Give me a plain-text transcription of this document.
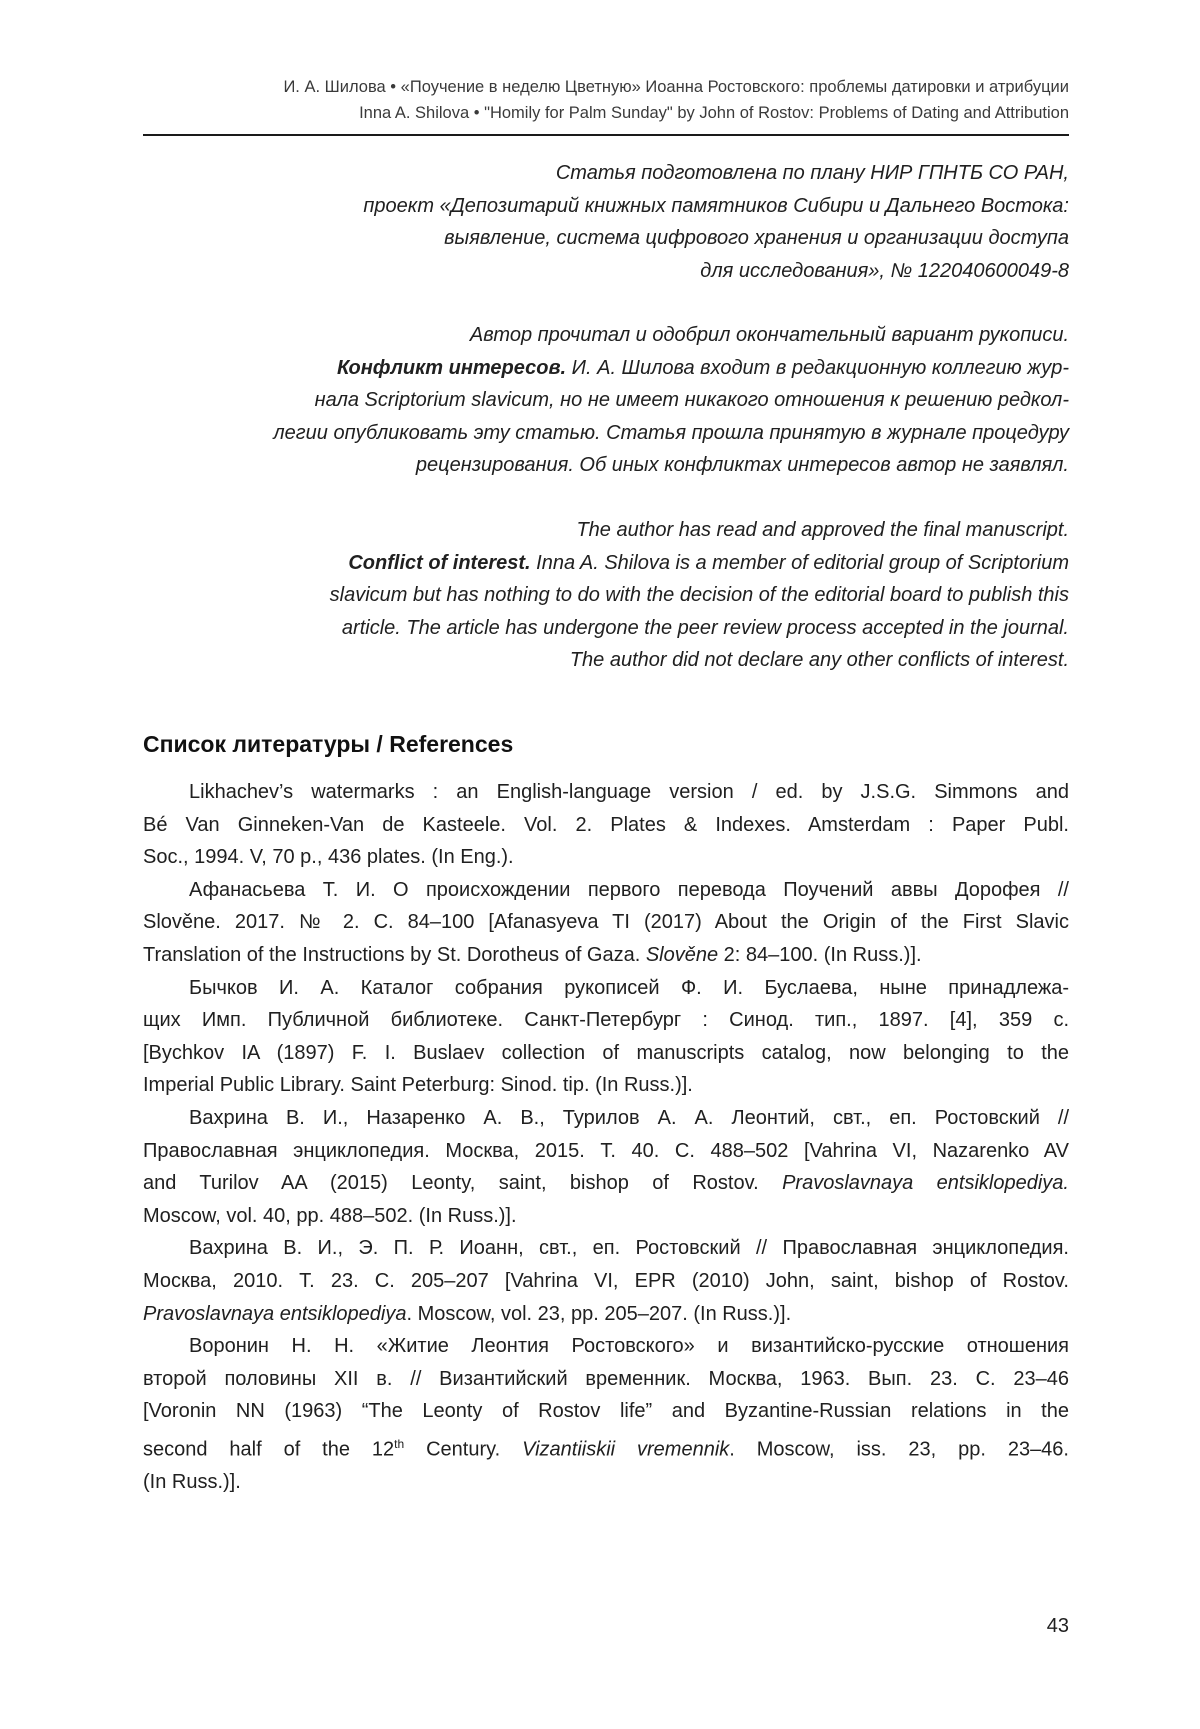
И. А. Шилова • «Поучение в неделю Цветную» Иоанна Ростовского: проблемы датировки и атрибуции
Inna A. Shilova • "Homily for Palm Sunday" by John of Rostov: Problems of Dating and Attribution
Статья подготовлена по плану НИР ГПНТБ СО РАН,
проект «Депозитарий книжных памятников Сибири и Дальнего Востока:
выявление, система цифрового хранения и организации доступа
для исследования», № 122040600049-8
Автор прочитал и одобрил окончательный вариант рукописи.
Конфликт интересов. И. А. Шилова входит в редакционную коллегию жур-
нала Scriptorium slavicum, но не имеет никакого отношения к решению редкол-
легии опубликовать эту статью. Статья прошла принятую в журнале процедуру
рецензирования. Об иных конфликтах интересов автор не заявлял.
The author has read and approved the final manuscript.
Conflict of interest. Inna A. Shilova is a member of editorial group of Scriptorium
slavicum but has nothing to do with the decision of the editorial board to publish this
article. The article has undergone the peer review process accepted in the journal.
The author did not declare any other conflicts of interest.
Список литературы / References
Likhachev’s watermarks : an English-language version / ed. by J.S.G. Simmons and
Bé Van Ginneken-Van de Kasteele. Vol. 2. Plates & Indexes. Amsterdam : Paper Publ.
Soc., 1994. V, 70 p., 436 plates. (In Eng.).
Афанасьева Т. И. О происхождении первого перевода Поучений аввы Дорофея //
Slověne. 2017. № 2. С. 84–100 [Afanasyeva TI (2017) About the Origin of the First Slavic
Translation of the Instructions by St. Dorotheus of Gaza. Slověne 2: 84–100. (In Russ.)].
Бычков И. А. Каталог собрания рукописей Ф. И. Буслаева, ныне принадлежа-
щих Имп. Публичной библиотеке. Санкт-Петербург : Синод. тип., 1897. [4], 359 с.
[Bychkov IA (1897) F. I. Buslaev collection of manuscripts catalog, now belonging to the
Imperial Public Library. Saint Peterburg: Sinod. tip. (In Russ.)].
Вахрина В. И., Назаренко А. В., Турилов А. А. Леонтий, свт., еп. Ростовский //
Православная энциклопедия. Москва, 2015. Т. 40. С. 488–502 [Vahrina VI, Nazarenko AV
and Turilov AA (2015) Leonty, saint, bishop of Rostov. Pravoslavnaya entsiklopediya.
Moscow, vol. 40, pp. 488–502. (In Russ.)].
Вахрина В. И., Э. П. Р. Иоанн, свт., еп. Ростовский // Православная энциклопедия.
Москва, 2010. Т. 23. С. 205–207 [Vahrina VI, EPR (2010) John, saint, bishop of Rostov.
Pravoslavnaya entsiklopediya. Moscow, vol. 23, pp. 205–207. (In Russ.)].
Воронин Н. Н. «Житие Леонтия Ростовского» и византийско-русские отношения
второй половины XII в. // Византийский временник. Москва, 1963. Вып. 23. С. 23–46
[Voronin NN (1963) “The Leonty of Rostov life” and Byzantine-Russian relations in the
second half of the 12th Century. Vizantiiskii vremennik. Moscow, iss. 23, pp. 23–46.
(In Russ.)].
43
